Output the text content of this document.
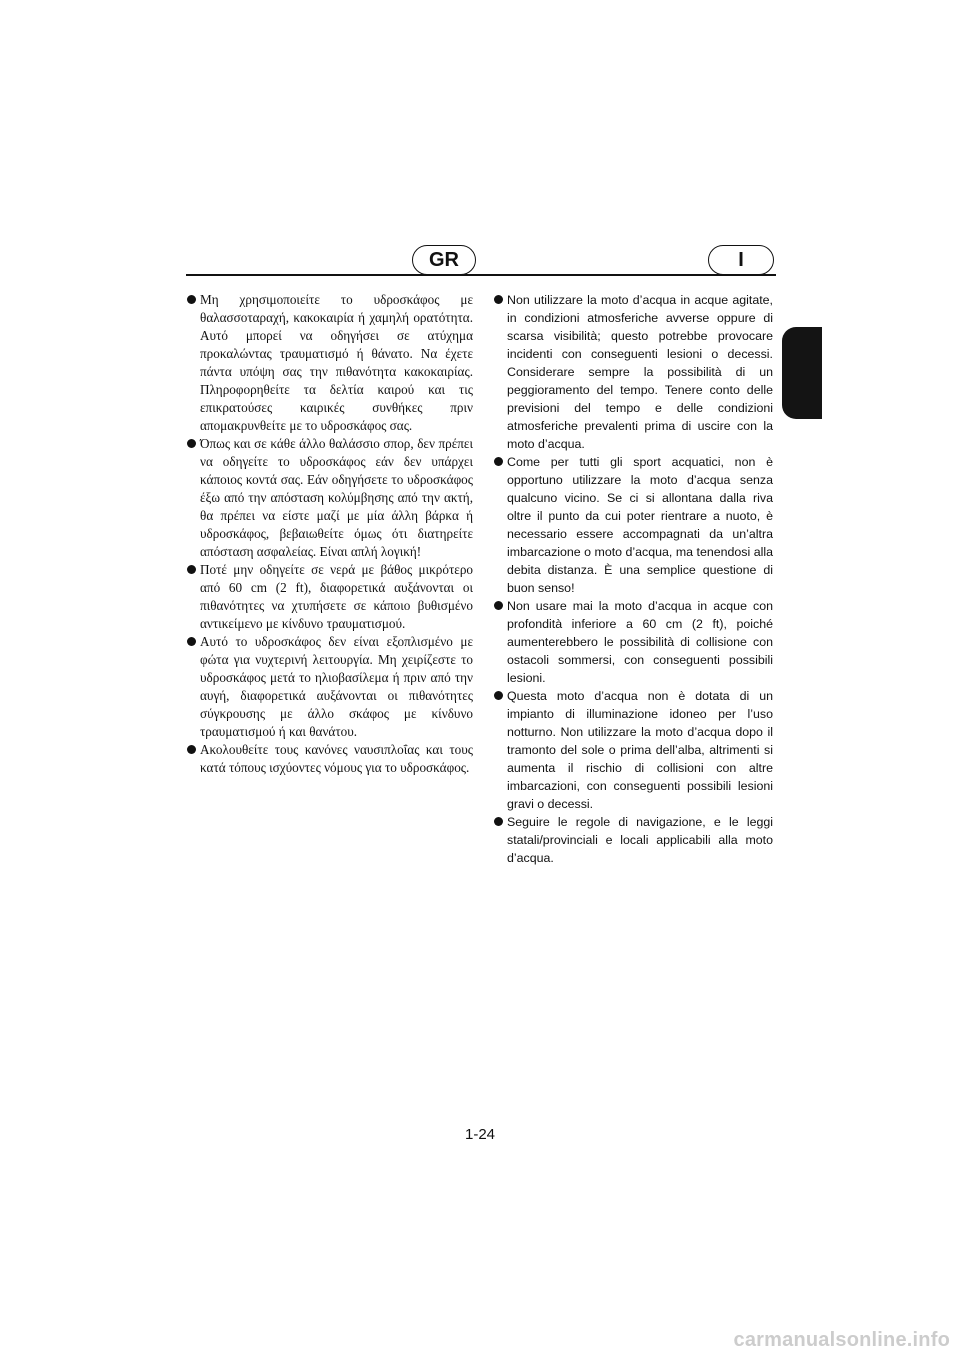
GR	I
Μη χρησιμοποιείτε το υδροσκάφος με θαλασσοταραχή, κακοκαιρία ή χαμηλή ορατότητα. Αυτό μπορεί να οδηγήσει σε ατύχημα προκαλώντας τραυματισμό ή θάνατο. Να έχετε πάντα υπόψη σας την πιθανότητα κακοκαιρίας. Πληροφορηθείτε τα δελτία καιρού και τις επικρατούσες καιρικές συνθήκες πριν απομακρυνθείτε με το υδροσκάφος σας.
Όπως και σε κάθε άλλο θαλάσσιο σπορ, δεν πρέπει να οδηγείτε το υδροσκάφος εάν δεν υπάρχει κάποιος κοντά σας. Εάν οδηγήσετε το υδροσκάφος έξω από την απόσταση κολύμβησης από την ακτή, θα πρέπει να είστε μαζί με μία άλλη βάρκα ή υδροσκάφος, βεβαιωθείτε όμως ότι διατηρείτε απόσταση ασφαλείας. Είναι απλή λογική!
Ποτέ μην οδηγείτε σε νερά με βάθος μικρότερο από 60 cm (2 ft), διαφορετικά αυξάνονται οι πιθανότητες να χτυπήσετε σε κάποιο βυθισμένο αντικείμενο με κίνδυνο τραυματισμού.
Αυτό το υδροσκάφος δεν είναι εξοπλισμένο με φώτα για νυχτερινή λειτουργία. Μη χειρίζεστε το υδροσκάφος μετά το ηλιοβασίλεμα ή πριν από την αυγή, διαφορετικά αυξάνονται οι πιθανότητες σύγκρουσης με άλλο σκάφος με κίνδυνο τραυματισμού ή και θανάτου.
Ακολουθείτε τους κανόνες ναυσιπλοΐας και τους κατά τόπους ισχύοντες νόμους για το υδροσκάφος.
Non utilizzare la moto d’acqua in acque agitate, in condizioni atmosferiche avverse oppure di scarsa visibilità; questo potrebbe provocare incidenti con conseguenti lesioni o decessi. Considerare sempre la possibilità di un peggioramento del tempo. Tenere conto delle previsioni del tempo e delle condizioni atmosferiche prevalenti prima di uscire con la moto d’acqua.
Come per tutti gli sport acquatici, non è opportuno utilizzare la moto d’acqua senza qualcuno vicino. Se ci si allontana dalla riva oltre il punto da cui poter rientrare a nuoto, è necessario essere accompagnati da un’altra imbarcazione o moto d’acqua, ma tenendosi alla debita distanza. È una semplice questione di buon senso!
Non usare mai la moto d’acqua in acque con profondità inferiore a 60 cm (2 ft), poiché aumenterebbero le possibilità di collisione con ostacoli sommersi, con conseguenti possibili lesioni.
Questa moto d’acqua non è dotata di un impianto di illuminazione idoneo per l’uso notturno. Non utilizzare la moto d’acqua dopo il tramonto del sole o prima dell’alba, altrimenti si aumenta il rischio di collisioni con altre imbarcazioni, con conseguenti possibili lesioni gravi o decessi.
Seguire le regole di navigazione, e le leggi statali/provinciali e locali applicabili alla moto d’acqua.
1-24
carmanualsonline.info
